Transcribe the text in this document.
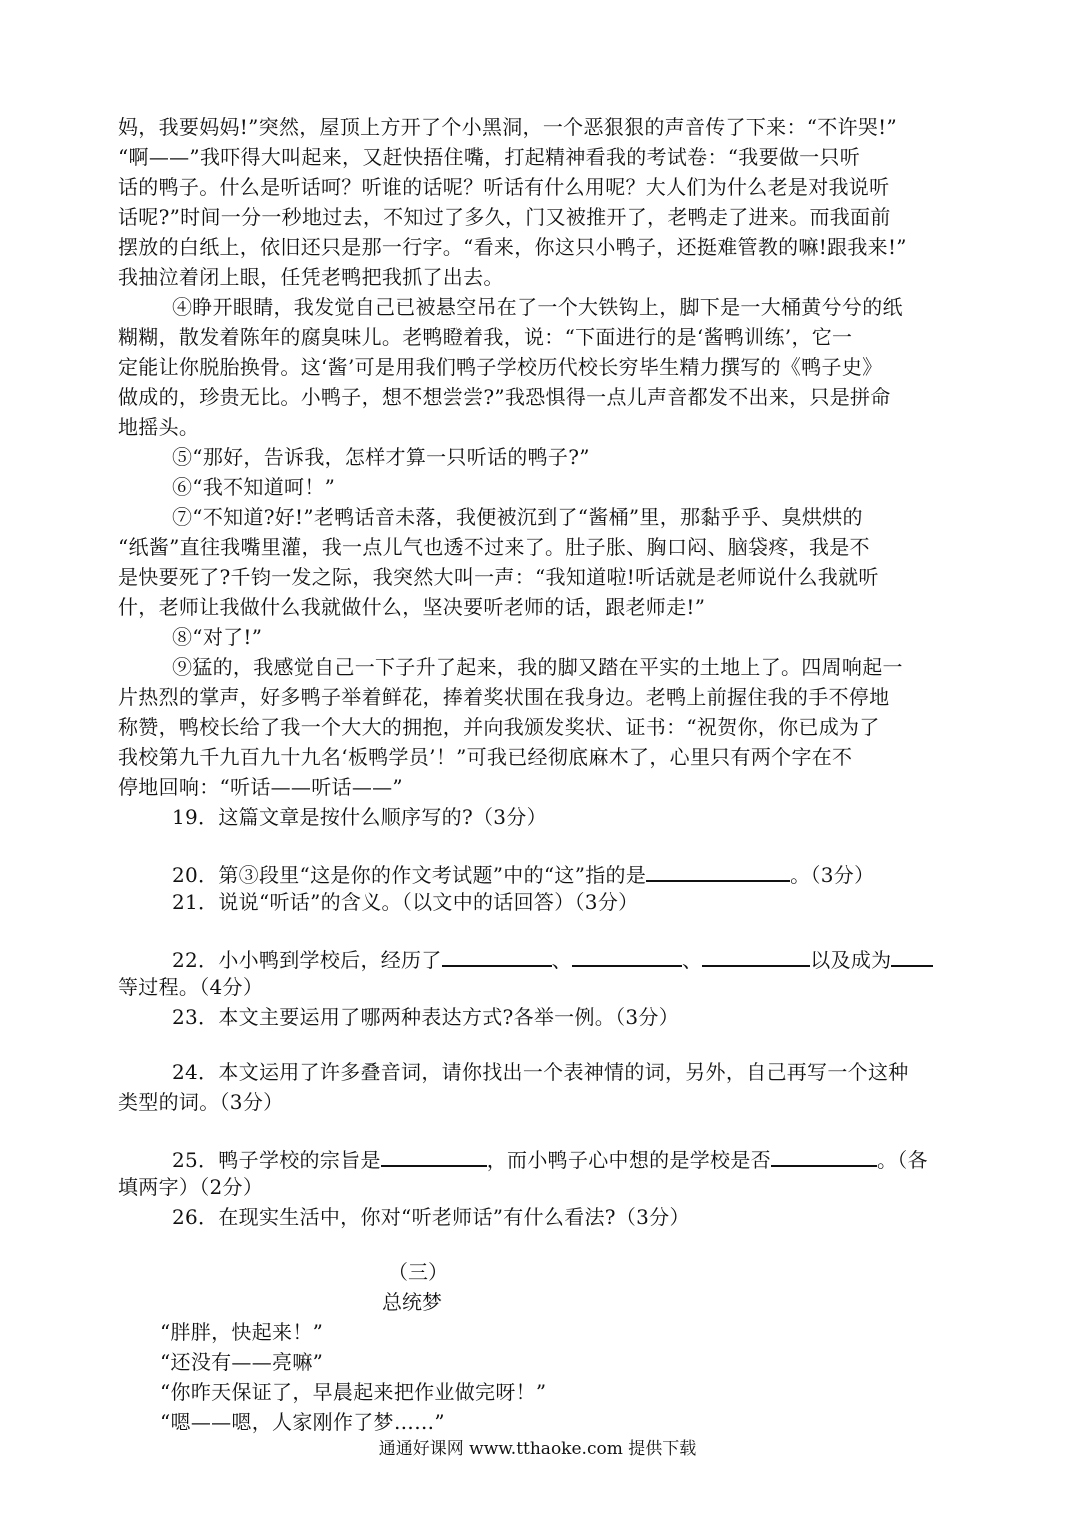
妈，我要妈妈!”突然，屋顶上方开了个小黑洞，一个恶狠狠的声音传了下来：“不许哭!”
“啊——”我吓得大叫起来，又赶快捂住嘴，打起精神看我的考试卷：“我要做一只听
话的鸭子。什么是听话呵？听谁的话呢？听话有什么用呢？大人们为什么老是对我说听
话呢?”时间一分一秒地过去，不知过了多久，门又被推开了，老鸭走了进来。而我面前
摆放的白纸上，依旧还只是那一行字。“看来，你这只小鸭子，还挺难管教的嘛!跟我来!”
我抽泣着闭上眼，任凭老鸭把我抓了出去。
④睁开眼睛，我发觉自己已被悬空吊在了一个大铁钩上，脚下是一大桶黄兮兮的纸
糊糊，散发着陈年的腐臭味儿。老鸭瞪着我，说：“下面进行的是‘酱鸭训练’，它一
定能让你脱胎换骨。这‘酱’可是用我们鸭子学校历代校长穷毕生精力撰写的《鸭子史》
做成的，珍贵无比。小鸭子，想不想尝尝?”我恐惧得一点儿声音都发不出来，只是拼命
地摇头。
⑤“那好，告诉我，怎样才算一只听话的鸭子?”
⑥“我不知道呵！”
⑦“不知道?好!”老鸭话音未落，我便被沉到了“酱桶”里，那黏乎乎、臭烘烘的
“纸酱”直往我嘴里灌，我一点儿气也透不过来了。肚子胀、胸口闷、脑袋疼，我是不
是快要死了?千钧一发之际，我突然大叫一声：“我知道啦!听话就是老师说什么我就听
什，老师让我做什么我就做什么，坚决要听老师的话，跟老师走!”
⑧“对了!”
⑨猛的，我感觉自己一下子升了起来，我的脚又踏在平实的土地上了。四周响起一
片热烈的掌声，好多鸭子举着鲜花，捧着奖状围在我身边。老鸭上前握住我的手不停地
称赞，鸭校长给了我一个大大的拥抱，并向我颁发奖状、证书：“祝贺你，你已成为了
我校第九千九百九十九名‘板鸭学员’！”可我已经彻底麻木了，心里只有两个字在不
停地回响：“听话——听话——”
19．这篇文章是按什么顺序写的?（3分）
20．第③段里“这是你的作文考试题”中的“这”指的是	。（3分）
21．说说“听话”的含义。（以文中的话回答）（3分）
22．小小鸭到学校后，经历了	、	、	以及成为
等过程。（4分）
23．本文主要运用了哪两种表达方式?各举一例。（3分）
24．本文运用了许多叠音词，请你找出一个表神情的词，另外，自己再写一个这种
类型的词。（3分）
25．鸭子学校的宗旨是	，而小鸭子心中想的是学校是否	。（各
填两字）（2分）
26．在现实生活中，你对“听老师话”有什么看法?（3分）
（三）
总统梦
“胖胖，快起来！”
“还没有——亮嘛”
“你昨天保证了，早晨起来把作业做完呀！”
“嗯——嗯，人家刚作了梦……”
通通好课网 www.tthaoke.com 提供下载
